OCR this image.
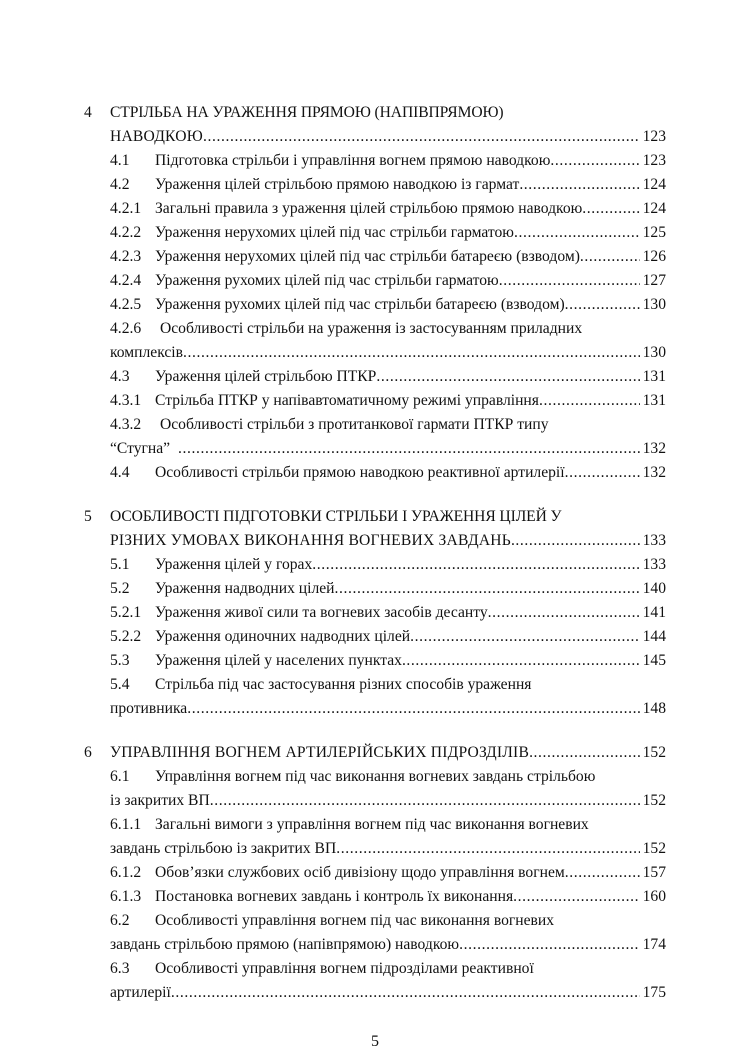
4 СТРІЛЬБА НА УРАЖЕННЯ ПРЯМОЮ (НАПІВПРЯМОЮ)
НАВОДКОЮ .....	123
4.1 Підготовка стрільби і управління вогнем прямою наводкою .....	123
4.2 Ураження цілей стрільбою прямою наводкою із гармат .....	124
4.2.1 Загальні правила з ураження цілей стрільбою прямою наводкою .....	124
4.2.2 Ураження нерухомих цілей під час стрільби гарматою .....	125
4.2.3 Ураження нерухомих цілей під час стрільби батареєю (взводом) .....	126
4.2.4 Ураження рухомих цілей під час стрільби гарматою .....	127
4.2.5 Ураження рухомих цілей під час стрільби батареєю (взводом) .....	130
4.2.6 Особливості стрільби на ураження із застосуванням приладних
комплексів .....	130
4.3 Ураження цілей стрільбою ПТКР .....	131
4.3.1 Стрільба ПТКР у напівавтоматичному режимі управління .....	131
4.3.2 Особливості стрільби з протитанкової гармати ПТКР типу
“Стугна” .....	132
4.4 Особливості стрільби прямою наводкою реактивної артилерії .....	132
5 ОСОБЛИВОСТІ ПІДГОТОВКИ СТРІЛЬБИ І УРАЖЕННЯ ЦІЛЕЙ У
РІЗНИХ УМОВАХ ВИКОНАННЯ ВОГНЕВИХ ЗАВДАНЬ .....	133
5.1 Ураження цілей у горах .....	133
5.2 Ураження надводних цілей .....	140
5.2.1 Ураження живої сили та вогневих засобів десанту .....	141
5.2.2 Ураження одиночних надводних цілей .....	144
5.3 Ураження цілей у населених пунктах .....	145
5.4 Стрільба під час застосування різних способів ураження
противника .....	148
6 УПРАВЛІННЯ ВОГНЕМ АРТИЛЕРІЙСЬКИХ ПІДРОЗДІЛІВ .....	152
6.1 Управління вогнем під час виконання вогневих завдань стрільбою
із закритих ВП .....	152
6.1.1 Загальні вимоги з управління вогнем під час виконання вогневих
завдань стрільбою із закритих ВП .....	152
6.1.2 Обов’язки службових осіб дивізіону щодо управління вогнем .....	157
6.1.3 Постановка вогневих завдань і контроль їх виконання .....	160
6.2 Особливості управління вогнем під час виконання вогневих
завдань стрільбою прямою (напівпрямою) наводкою .....	174
6.3 Особливості управління вогнем підрозділами реактивної
артилерії .....	175
5
